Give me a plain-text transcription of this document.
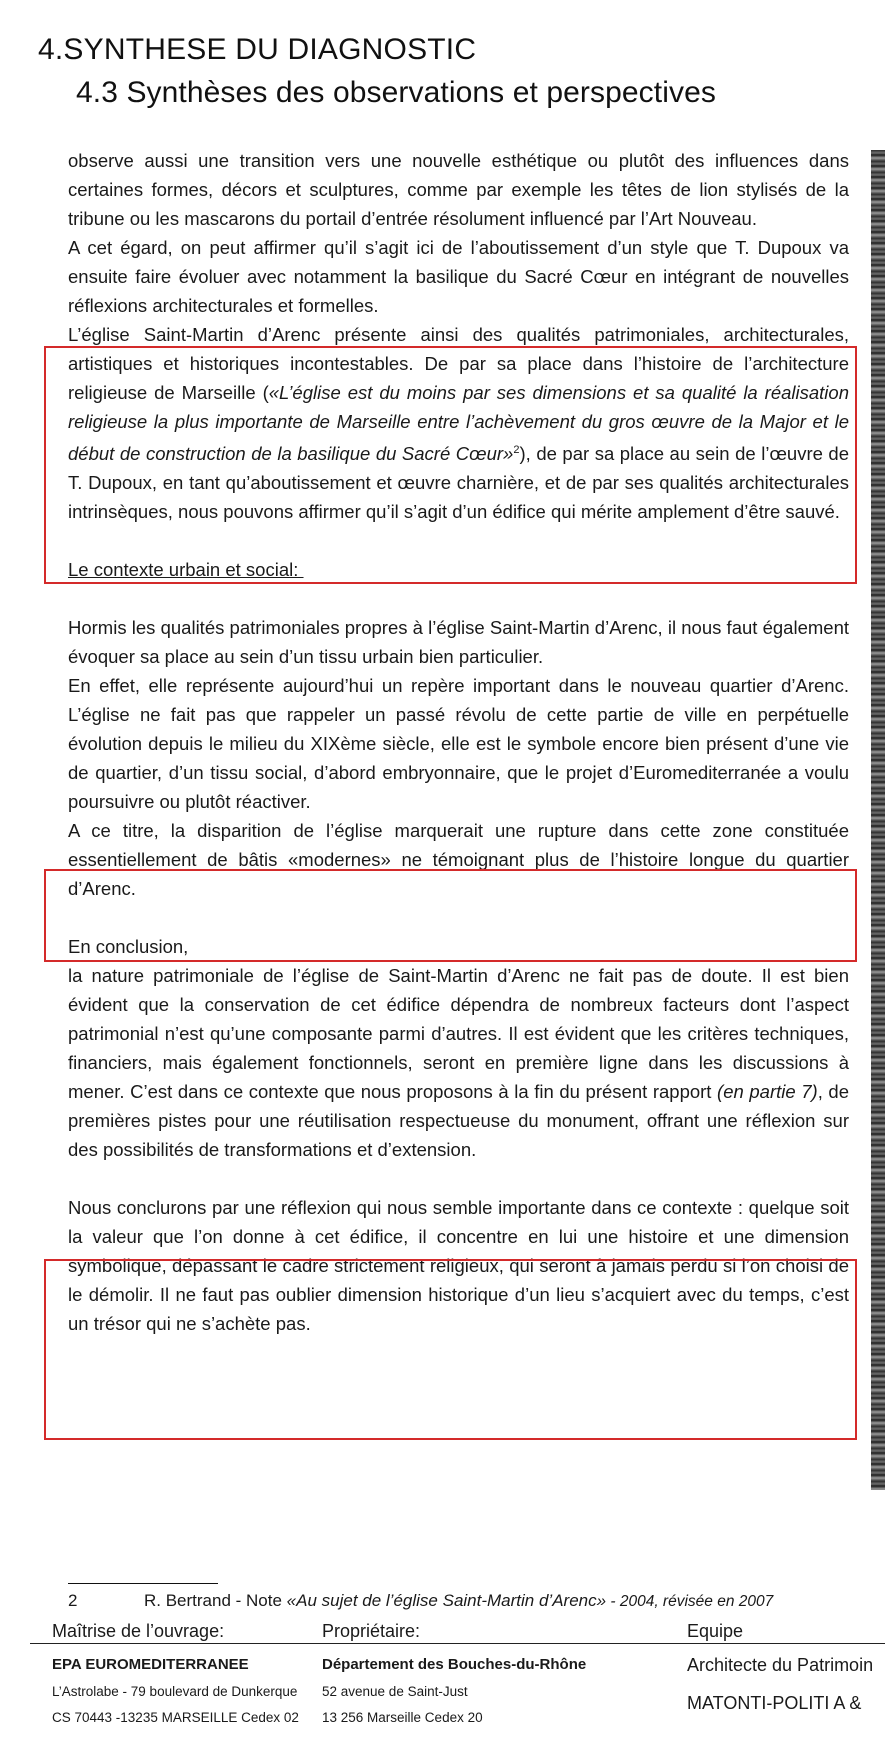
4.SYNTHESE DU DIAGNOSTIC
4.3 Synthèses des observations et perspectives

observe aussi une transition vers une nouvelle esthétique ou plutôt des influences dans certaines formes, décors et sculptures, comme par exemple les têtes de lion stylisés de la tribune ou les mascarons du portail d’entrée résolument influencé par l’Art Nouveau.

A cet égard, on peut affirmer qu’il s’agit ici de l’aboutissement d’un style que T. Dupoux va ensuite faire évoluer avec notamment la basilique du Sacré Cœur en intégrant de nouvelles réflexions architecturales et formelles.

L’église Saint-Martin d’Arenc présente ainsi des qualités patrimoniales, architecturales, artistiques et historiques incontestables. De par sa place dans l’histoire de l’architecture religieuse de Marseille («L’église est du moins par ses dimensions et sa qualité la réalisation religieuse la plus importante de Marseille entre l’achèvement du gros œuvre de la Major et le début de construction de la basilique du Sacré Cœur»$^2$), de par sa place au sein de l’œuvre de T. Dupoux, en tant qu’aboutissement et œuvre charnière, et de par ses qualités architecturales intrinsèques, nous pouvons affirmer qu’il s’agit d’un édifice qui mérite amplement d’être sauvé.

Le contexte urbain et social:

Hormis les qualités patrimoniales propres à l’église Saint-Martin d’Arenc, il nous faut également évoquer sa place au sein d’un tissu urbain bien particulier.

En effet, elle représente aujourd’hui un repère important dans le nouveau quartier d’Arenc. L’église ne fait pas que rappeler un passé révolu de cette partie de ville en perpétuelle évolution depuis le milieu du XIXème siècle, elle est le symbole encore bien présent d’une vie de quartier, d’un tissu social, d’abord embryonnaire, que le projet d’Euromediterranée a voulu poursuivre ou plutôt réactiver.

A ce titre, la disparition de l’église marquerait une rupture dans cette zone constituée essentiellement de bâtis «modernes» ne témoignant plus de l’histoire longue du quartier d’Arenc.

En conclusion,

la nature patrimoniale de l’église de Saint-Martin d’Arenc ne fait pas de doute. Il est bien évident que la conservation de cet édifice dépendra de nombreux facteurs dont l’aspect patrimonial n’est qu’une composante parmi d’autres. Il est évident que les critères techniques, financiers, mais également fonctionnels, seront en première ligne dans les discussions à mener. C’est dans ce contexte que nous proposons à la fin du présent rapport (en partie 7), de premières pistes pour une réutilisation respectueuse du monument, offrant une réflexion sur des possibilités de transformations et d’extension.

Nous conclurons par une réflexion qui nous semble importante dans ce contexte : quelque soit la valeur que l’on donne à cet édifice, il concentre en lui une histoire et une dimension symbolique, dépassant le cadre strictement religieux, qui seront à jamais perdu si l’on choisi de le démolir. Il ne faut pas oublier dimension historique d’un lieu s’acquiert avec du temps, c’est un trésor qui ne s’achète pas.

2	R. Bertrand - Note «Au sujet de l’église Saint-Martin d’Arenc» - 2004, révisée en 2007
Maîtrise de l’ouvrage:
EPA EUROMEDITERRANEE
L’Astrolabe - 79 boulevard de Dunkerque
CS 70443 -13235 MARSEILLE Cedex 02
Propriétaire:
Département des Bouches-du-Rhône
52 avenue de Saint-Just
13 256 Marseille Cedex 20
Equipe
Architecte du Patrimoin
MATONTI-POLITI A &
